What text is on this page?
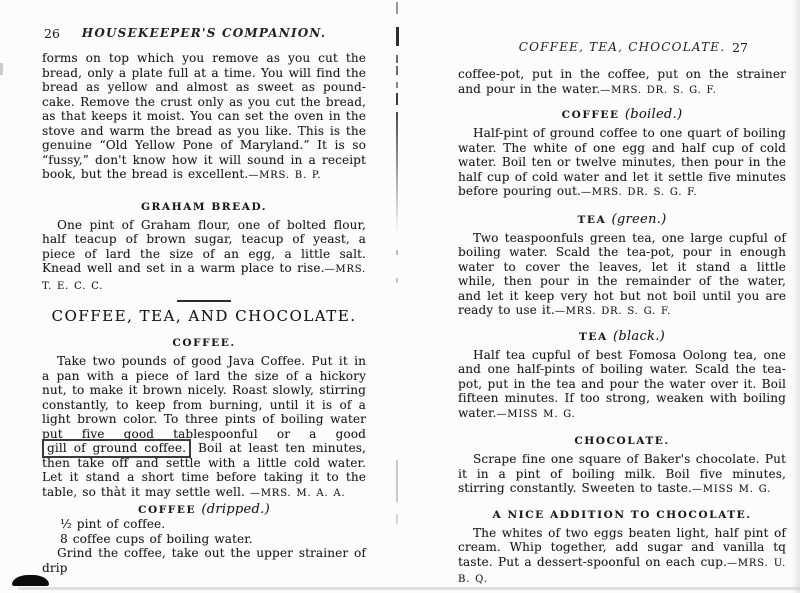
26	HOUSEKEEPER'S COMPANION.

forms on top which you remove as you cut the bread, only a plate full at a time. You will find the bread as yellow and almost as sweet as pound-cake. Remove the crust only as you cut the bread, as that keeps it moist. You can set the oven in the stove and warm the bread as you like. This is the genuine “Old Yellow Pone of Maryland.” It is so “fussy,” don't know how it will sound in a receipt book, but the bread is excellent.—MRS. B. P.

GRAHAM BREAD.

One pint of Graham flour, one of bolted flour, half teacup of brown sugar, teacup of yeast, a piece of lard the size of an egg, a little salt. Knead well and set in a warm place to rise.—MRS. T. E. C. C.

COFFEE, TEA, AND CHOCOLATE.
COFFEE.

Take two pounds of good Java Coffee. Put it in a pan with a piece of lard the size of a hickory nut, to make it brown nicely. Roast slowly, stirring constantly, to keep from burning, until it is of a light brown color. To three pints of boiling water put five good tablespoonful or a good gill of ground coffee. Boil at least ten minutes, then take off and settle with a little cold water. Let it stand a short time before taking it to the table, so thàt it may settle well. —MRS. M. A. A.

COFFEE (dripped.)

½ pint of coffee.

8 coffee cups of boiling water.

Grind the coffee, take out the upper strainer of drip

27
COFFEE, TEA, CHOCOLATE.

coffee-pot, put in the coffee, put on the strainer and pour in the water.—MRS. DR. S. G. F.

COFFEE (boiled.)

Half-pint of ground coffee to one quart of boiling water. The white of one egg and half cup of cold water. Boil ten or twelve minutes, then pour in the half cup of cold water and let it settle five minutes before pouring out.—MRS. DR. S. G. F.

TEA (green.)

Two teaspoonfuls green tea, one large cupful of boiling water. Scald the tea-pot, pour in enough water to cover the leaves, let it stand a little while, then pour in the remainder of the water, and let it keep very hot but not boil until you are ready to use it.—MRS. DR. S. G. F.

TEA (black.)

Half tea cupful of best Fomosa Oolong tea, one and one half-pints of boiling water. Scald the tea-pot, put in the tea and pour the water over it. Boil fifteen minutes. If too strong, weaken with boiling water.—MISS M. G.

CHOCOLATE.

Scrape fine one square of Baker's chocolate. Put it in a pint of boiling milk. Boil five minutes, stirring constantly. Sweeten to taste.—MISS M. G.

A NICE ADDITION TO CHOCOLATE.

The whites of two eggs beaten light, half pint of cream. Whip together, add sugar and vanilla tq taste. Put a dessert-spoonful on each cup.—MRS. U. B. Q.
